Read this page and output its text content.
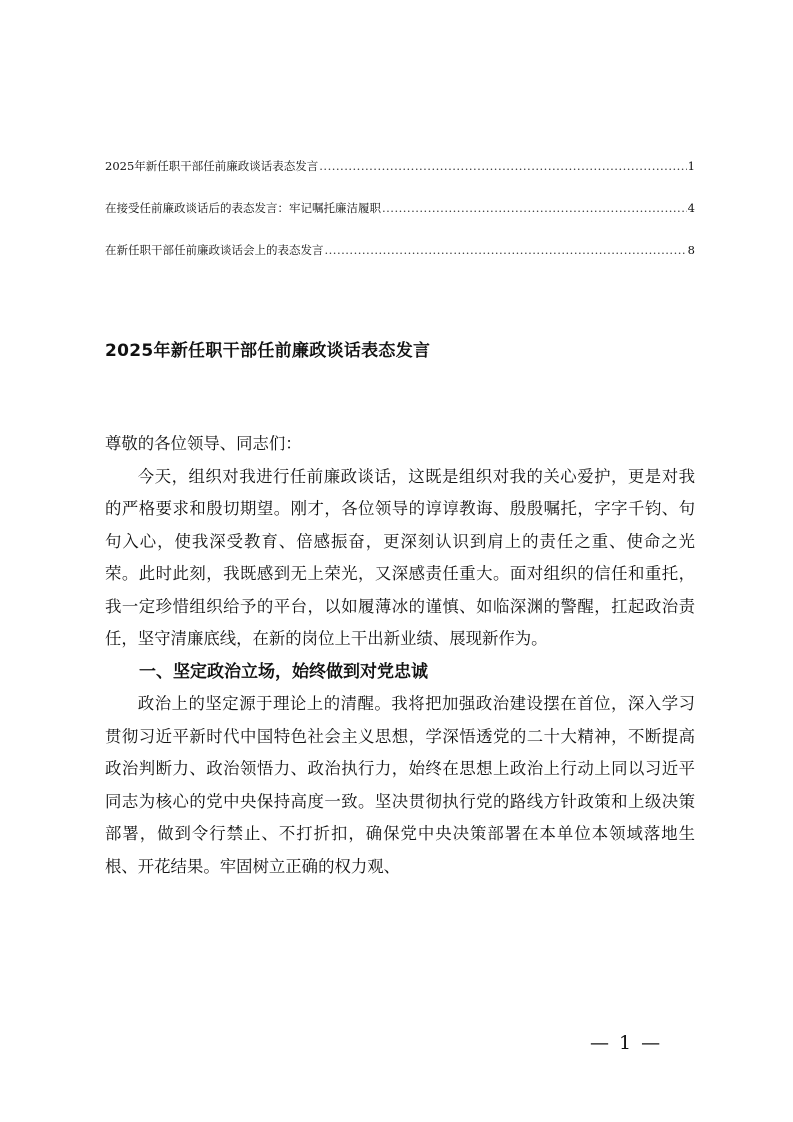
2025年新任职干部任前廉政谈话表态发言 .....	1
在接受任前廉政谈话后的表态发言：牢记嘱托廉洁履职 .....	4
在新任职干部任前廉政谈话会上的表态发言 .....	8
2025年新任职干部任前廉政谈话表态发言

尊敬的各位领导、同志们：

今天，组织对我进行任前廉政谈话，这既是组织对我的关心爱护，更是对我的严格要求和殷切期望。刚才，各位领导的谆谆教诲、殷殷嘱托，字字千钧、句句入心，使我深受教育、倍感振奋，更深刻认识到肩上的责任之重、使命之光荣。此时此刻，我既感到无上荣光，又深感责任重大。面对组织的信任和重托，我一定珍惜组织给予的平台，以如履薄冰的谨慎、如临深渊的警醒，扛起政治责任，坚守清廉底线，在新的岗位上干出新业绩、展现新作为。

一、坚定政治立场，始终做到对党忠诚

政治上的坚定源于理论上的清醒。我将把加强政治建设摆在首位，深入学习贯彻习近平新时代中国特色社会主义思想，学深悟透党的二十大精神，不断提高政治判断力、政治领悟力、政治执行力，始终在思想上政治上行动上同以习近平同志为核心的党中央保持高度一致。坚决贯彻执行党的路线方针政策和上级决策部署，做到令行禁止、不打折扣，确保党中央决策部署在本单位本领域落地生根、开花结果。牢固树立正确的权力观、

— 1 —
